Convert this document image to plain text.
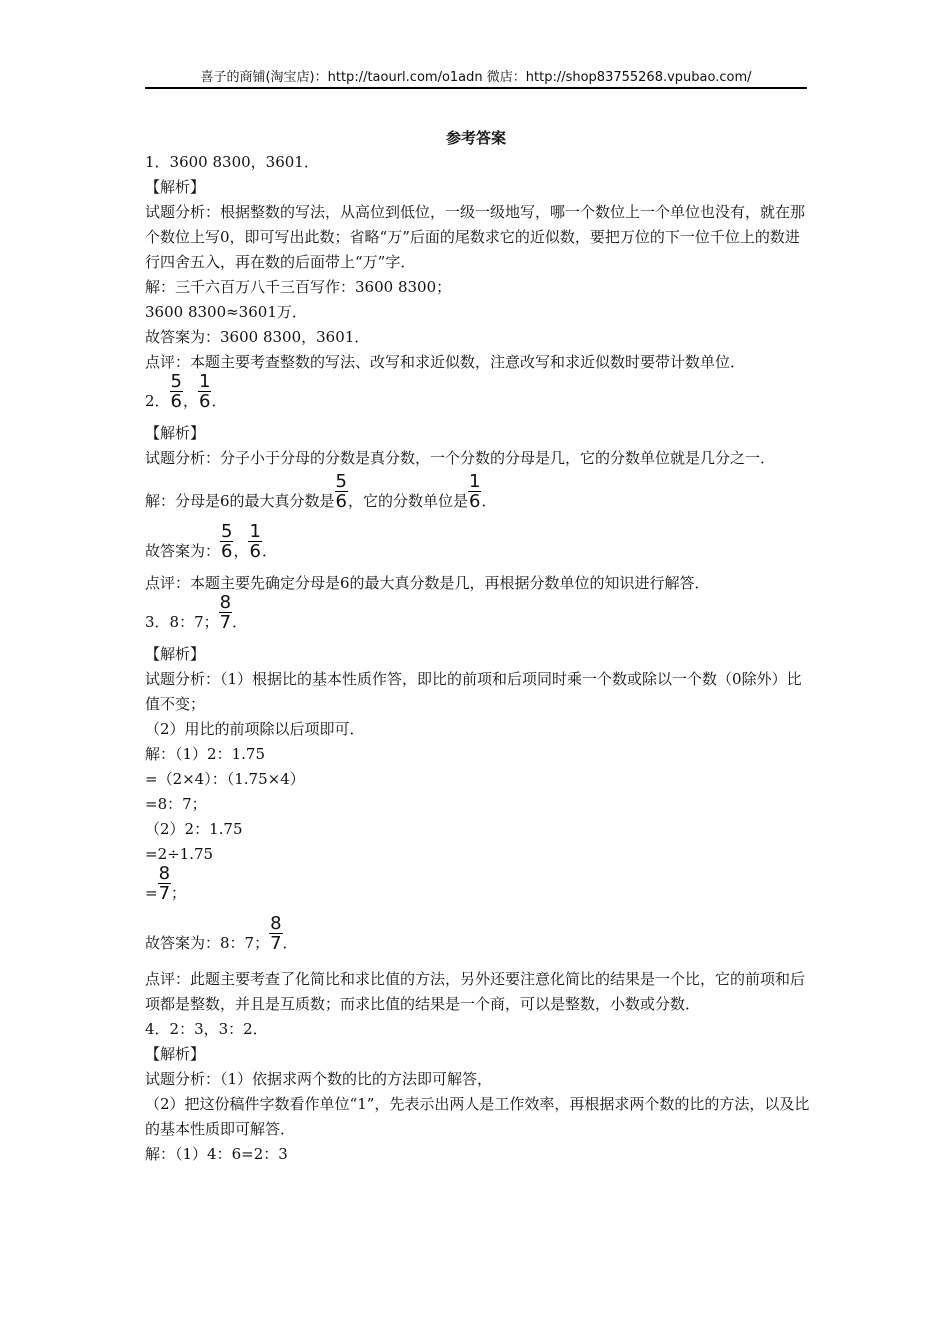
喜子的商铺(淘宝店)：http://taourl.com/o1adn 微店：http://shop83755268.vpubao.com/
参考答案
1．3600 8300，3601．
【解析】
试题分析：根据整数的写法，从高位到低位，一级一级地写，哪一个数位上一个单位也没有，就在那个数位上写0，即可写出此数；省略“万”后面的尾数求它的近似数，要把万位的下一位千位上的数进行四舍五入，再在数的后面带上“万”字．
解：三千六百万八千三百写作：3600 8300；
3600 8300≈3601万．
故答案为：3600 8300，3601．
点评：本题主要考查整数的写法、改写和求近似数，注意改写和求近似数时要带计数单位．
2． $\frac{5}{6}$ ， $\frac{1}{6}$ ．
【解析】
试题分析：分子小于分母的分数是真分数，一个分数的分母是几，它的分数单位就是几分之一．
解：分母是6的最大真分数是 $\frac{5}{6}$ ，它的分数单位是 $\frac{1}{6}$ ．
故答案为： $\frac{5}{6}$ ， $\frac{1}{6}$ ．
点评：本题主要先确定分母是6的最大真分数是几，再根据分数单位的知识进行解答．
3．8：7； $\frac{8}{7}$ ．
【解析】
试题分析：（1）根据比的基本性质作答，即比的前项和后项同时乘一个数或除以一个数（0除外）比值不变；
（2）用比的前项除以后项即可．
解：（1）2：1.75
=（2×4）：（1.75×4）
=8：7；
（2）2：1.75
=2÷1.75
= $\frac{8}{7}$ ；
故答案为：8：7； $\frac{8}{7}$ ．
点评：此题主要考查了化简比和求比值的方法，另外还要注意化简比的结果是一个比，它的前项和后项都是整数，并且是互质数；而求比值的结果是一个商，可以是整数，小数或分数．
4．2：3，3：2．
【解析】
试题分析：（1）依据求两个数的比的方法即可解答，
（2）把这份稿件字数看作单位“1”，先表示出两人是工作效率，再根据求两个数的比的方法，以及比的基本性质即可解答．
解：（1）4：6=2：3
